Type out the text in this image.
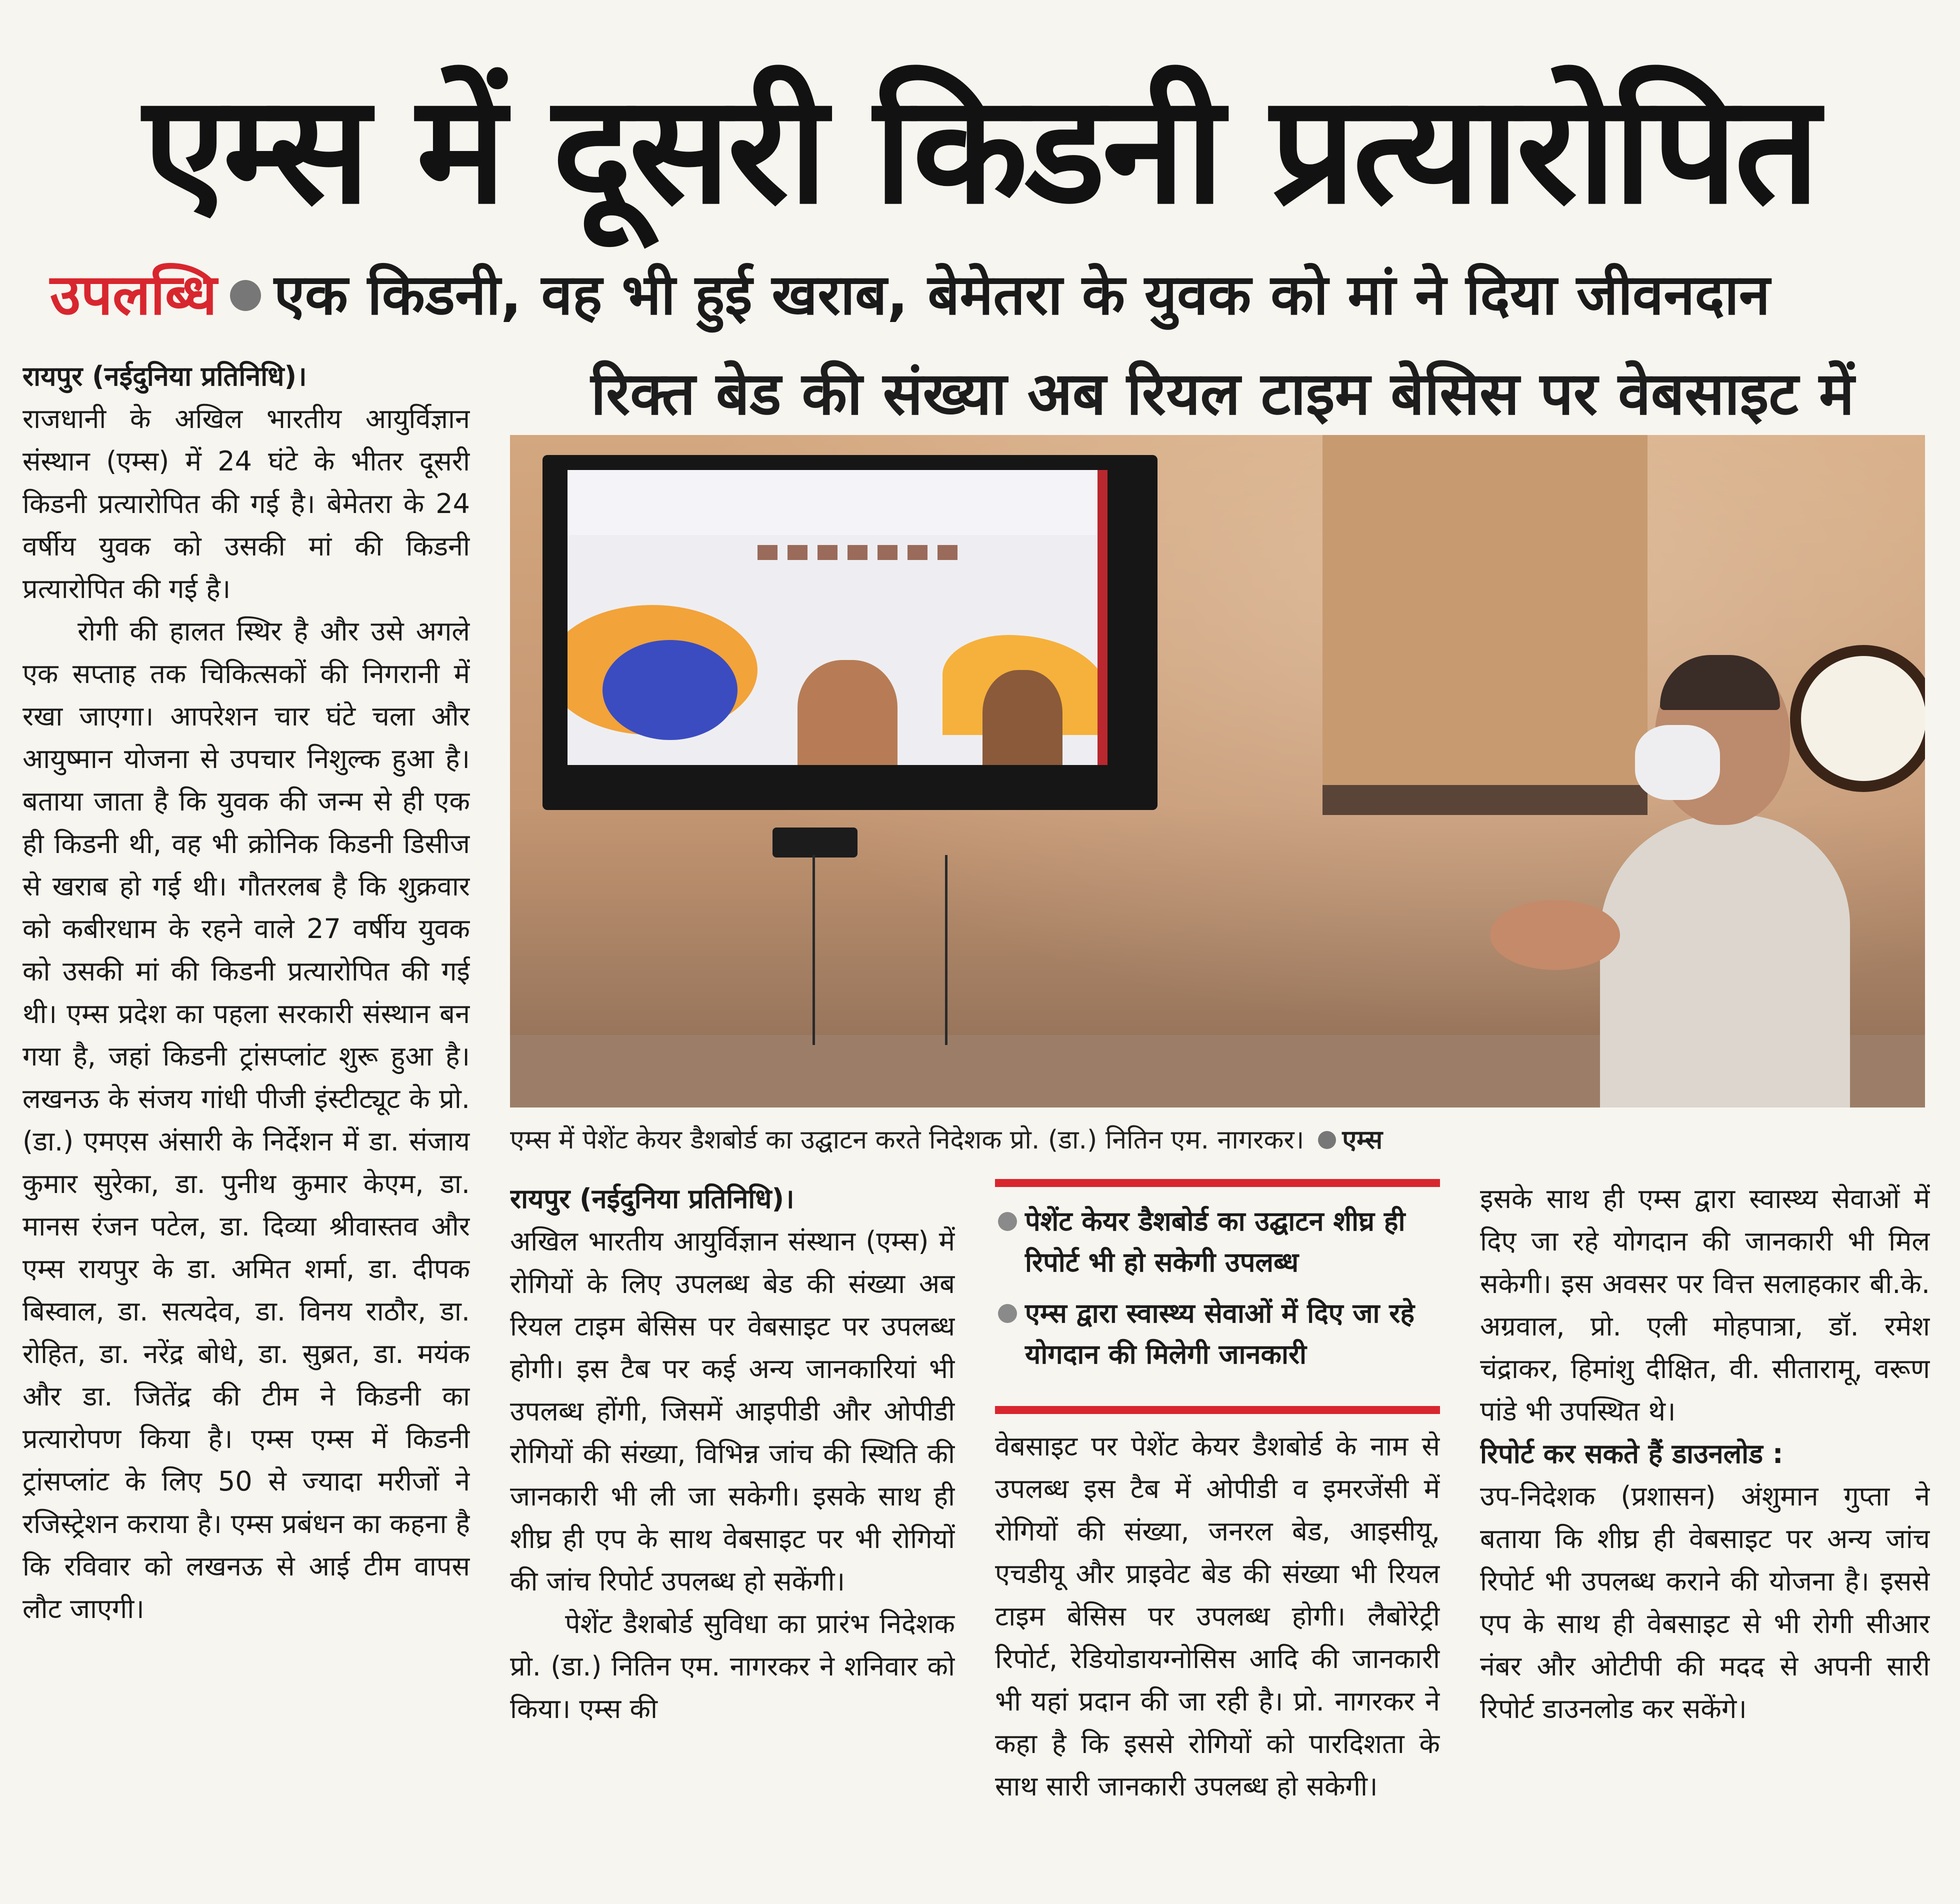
एम्स में दूसरी किडनी प्रत्यारोपित
उपलब्धि एक किडनी, वह भी हुई खराब, बेमेतरा के युवक को मां ने दिया जीवनदान

रायपुर (नईदुनिया प्रतिनिधि)।

राजधानी के अखिल भारतीय आयुर्विज्ञान संस्थान (एम्स) में 24 घंटे के भीतर दूसरी किडनी प्रत्यारोपित की गई है। बेमेतरा के 24 वर्षीय युवक को उसकी मां की किडनी प्रत्यारोपित की गई है।

रोगी की हालत स्थिर है और उसे अगले एक सप्ताह तक चिकित्सकों की निगरानी में रखा जाएगा। आपरेशन चार घंटे चला और आयुष्मान योजना से उपचार निशुल्क हुआ है। बताया जाता है कि युवक की जन्म से ही एक ही किडनी थी, वह भी क्रोनिक किडनी डिसीज से खराब हो गई थी। गौतरलब है कि शुक्रवार को कबीरधाम के रहने वाले 27 वर्षीय युवक को उसकी मां की किडनी प्रत्यारोपित की गई थी। एम्स प्रदेश का पहला सरकारी संस्थान बन गया है, जहां किडनी ट्रांसप्लांट शुरू हुआ है। लखनऊ के संजय गांधी पीजी इंस्टीट्यूट के प्रो. (डा.) एमएस अंसारी के निर्देशन में डा. संजाय कुमार सुरेका, डा. पुनीथ कुमार केएम, डा. मानस रंजन पटेल, डा. दिव्या श्रीवास्तव और एम्स रायपुर के डा. अमित शर्मा, डा. दीपक बिस्वाल, डा. सत्यदेव, डा. विनय राठौर, डा. रोहित, डा. नरेंद्र बोधे, डा. सुब्रत, डा. मयंक और डा. जितेंद्र की टीम ने किडनी का प्रत्यारोपण किया है। एम्स एम्स में किडनी ट्रांसप्लांट के लिए 50 से ज्यादा मरीजों ने रजिस्ट्रेशन कराया है। एम्स प्रबंधन का कहना है कि रविवार को लखनऊ से आई टीम वापस लौट जाएगी।

रिक्त बेड की संख्या अब रियल टाइम बेसिस पर वेबसाइट में
एम्स में पेशेंट केयर डैशबोर्ड का उद्घाटन करते निदेशक प्रो. (डा.) नितिन एम. नागरकर। एम्स

रायपुर (नईदुनिया प्रतिनिधि)।

अखिल भारतीय आयुर्विज्ञान संस्थान (एम्स) में रोगियों के लिए उपलब्ध बेड की संख्या अब रियल टाइम बेसिस पर वेबसाइट पर उपलब्ध होगी। इस टैब पर कई अन्य जानकारियां भी उपलब्ध होंगी, जिसमें आइपीडी और ओपीडी रोगियों की संख्या, विभिन्न जांच की स्थिति की जानकारी भी ली जा सकेगी। इसके साथ ही शीघ्र ही एप के साथ वेबसाइट पर भी रोगियों की जांच रिपोर्ट उपलब्ध हो सकेंगी।

पेशेंट डैशबोर्ड सुविधा का प्रारंभ निदेशक प्रो. (डा.) नितिन एम. नागरकर ने शनिवार को किया। एम्स की

पेशेंट केयर डैशबोर्ड का उद्घाटन शीघ्र ही रिपोर्ट भी हो सकेगी उपलब्ध
एम्स द्वारा स्वास्थ्य सेवाओं में दिए जा रहे योगदान की मिलेगी जानकारी

वेबसाइट पर पेशेंट केयर डैशबोर्ड के नाम से उपलब्ध इस टैब में ओपीडी व इमरजेंसी में रोगियों की संख्या, जनरल बेड, आइसीयू, एचडीयू और प्राइवेट बेड की संख्या भी रियल टाइम बेसिस पर उपलब्ध होगी। लैबोरेट्री रिपोर्ट, रेडियोडायग्नोसिस आदि की जानकारी भी यहां प्रदान की जा रही है। प्रो. नागरकर ने कहा है कि इससे रोगियों को पारदिशता के साथ सारी जानकारी उपलब्ध हो सकेगी।

इसके साथ ही एम्स द्वारा स्वास्थ्य सेवाओं में दिए जा रहे योगदान की जानकारी भी मिल सकेगी। इस अवसर पर वित्त सलाहकार बी.के. अग्रवाल, प्रो. एली मोहपात्रा, डॉ. रमेश चंद्राकर, हिमांशु दीक्षित, वी. सीतारामू, वरूण पांडे भी उपस्थित थे।

रिपोर्ट कर सकते हैं डाउनलोड :

उप-निदेशक (प्रशासन) अंशुमान गुप्ता ने बताया कि शीघ्र ही वेबसाइट पर अन्य जांच रिपोर्ट भी उपलब्ध कराने की योजना है। इससे एप के साथ ही वेबसाइट से भी रोगी सीआर नंबर और ओटीपी की मदद से अपनी सारी रिपोर्ट डाउनलोड कर सकेंगे।
